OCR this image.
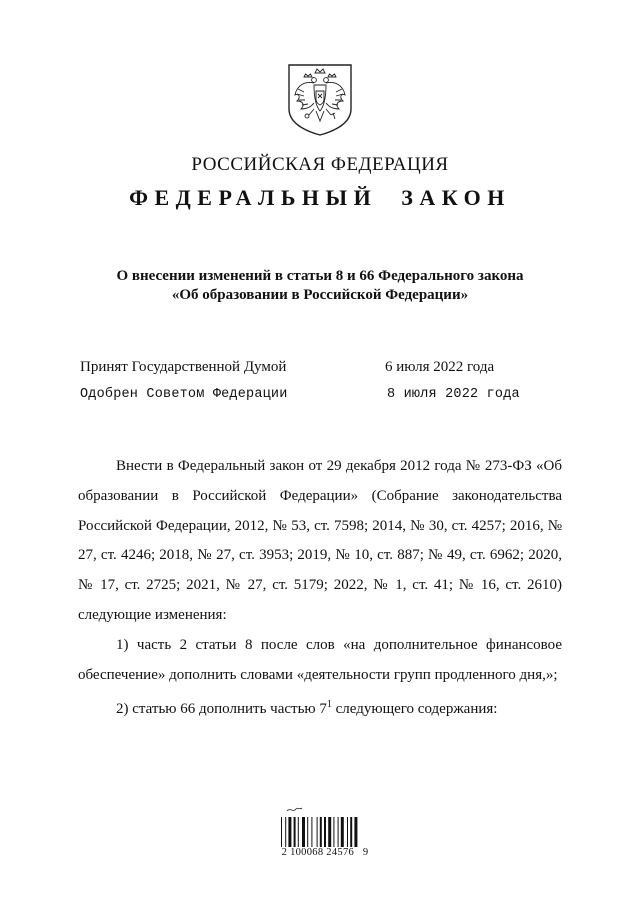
РОССИЙСКАЯ ФЕДЕРАЦИЯ
ФЕДЕРАЛЬНЫЙ  ЗАКОН
О внесении изменений в статьи 8 и 66 Федерального закона
«Об образовании в Российской Федерации»
Принят Государственной Думой	6 июля 2022 года
Одобрен Советом Федерации	8 июля 2022 года

Внести в Федеральный закон от 29 декабря 2012 года № 273-ФЗ «Об образовании в Российской Федерации» (Собрание законодательства Российской Федерации, 2012, № 53, ст. 7598; 2014, № 30, ст. 4257; 2016, № 27, ст. 4246; 2018, № 27, ст. 3953; 2019, № 10, ст. 887; № 49, ст. 6962; 2020, № 17, ст. 2725; 2021, № 27, ст. 5179; 2022, № 1, ст. 41; № 16, ст. 2610) следующие изменения:

1) часть 2 статьи 8 после слов «на дополнительное финансовое обеспечение» дополнить словами «деятельности групп продленного дня,»;

2) статью 66 дополнить частью $7^1$ следующего содержания:

2 100068 24576   9
